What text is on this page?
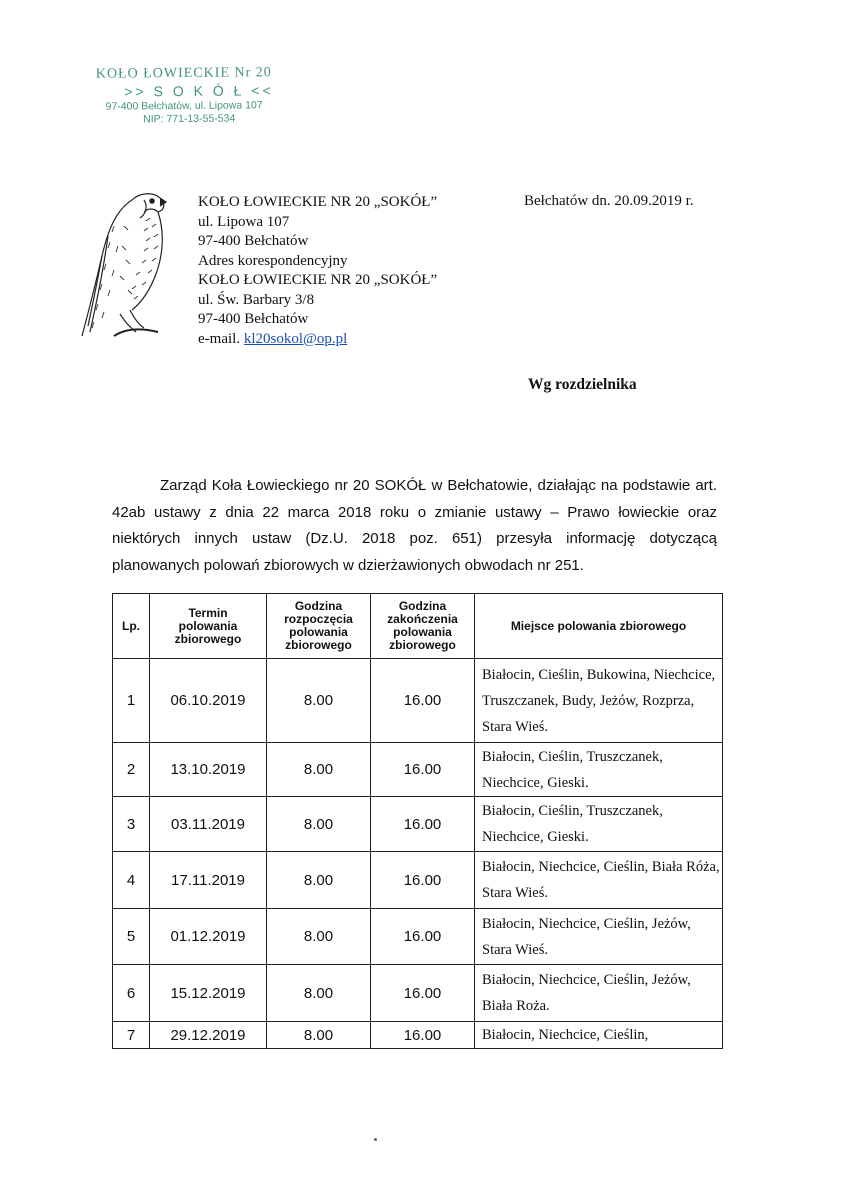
KOŁO ŁOWIECKIE Nr 20
>> S O K Ó Ł <<
97-400 Bełchatów, ul. Lipowa 107
NIP: 771-13-55-534
KOŁO ŁOWIECKIE NR 20 „SOKÓŁ”
ul. Lipowa 107
97-400 Bełchatów
Adres korespondencyjny
KOŁO ŁOWIECKIE NR 20 „SOKÓŁ”
ul. Św. Barbary 3/8
97-400 Bełchatów
e-mail. kl20sokol@op.pl
Bełchatów dn. 20.09.2019 r.
Wg rozdzielnika

Zarząd Koła Łowieckiego nr 20 SOKÓŁ w Bełchatowie, działając na podstawie art. 42ab ustawy z dnia 22 marca 2018 roku o zmianie ustawy – Prawo łowieckie oraz niektórych innych ustaw (Dz.U. 2018 poz. 651) przesyła informację dotyczącą planowanych polowań zbiorowych w dzierżawionych obwodach nr 251.

Lp.	Termin polowania zbiorowego	Godzina rozpoczęcia polowania zbiorowego	Godzina zakończenia polowania zbiorowego	Miejsce polowania zbiorowego
1	06.10.2019	8.00	16.00	Białocin, Cieślin, Bukowina, Niechcice, Truszczanek, Budy, Jeżów, Rozprza, Stara Wieś.
2	13.10.2019	8.00	16.00	Białocin, Cieślin, Truszczanek, Niechcice, Gieski.
3	03.11.2019	8.00	16.00	Białocin, Cieślin, Truszczanek, Niechcice, Gieski.
4	17.11.2019	8.00	16.00	Białocin, Niechcice, Cieślin, Biała Róża, Stara Wieś.
5	01.12.2019	8.00	16.00	Białocin, Niechcice, Cieślin, Jeżów, Stara Wieś.
6	15.12.2019	8.00	16.00	Białocin, Niechcice, Cieślin, Jeżów, Biała Roża.
7	29.12.2019	8.00	16.00	Białocin, Niechcice, Cieślin,
